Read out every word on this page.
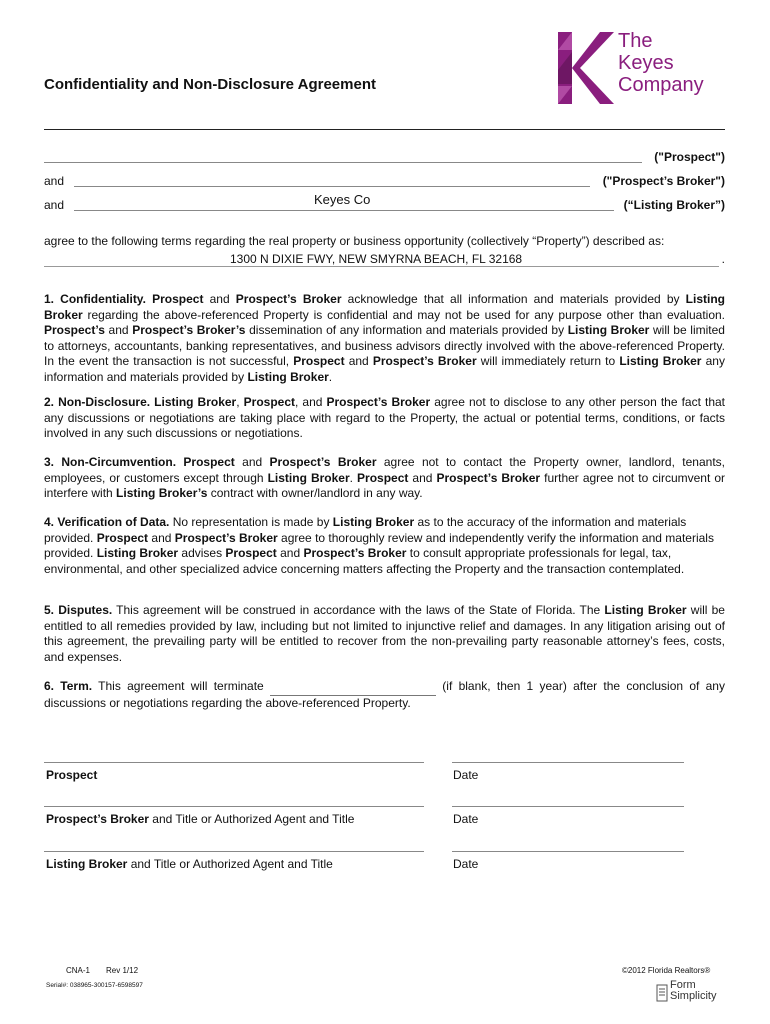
Confidentiality and Non-Disclosure Agreement
The
Keyes
Company
("Prospect")
and	("Prospect’s Broker")
and	Keyes Co	(“Listing Broker”)
agree to the following terms regarding the real property or business opportunity (collectively “Property”) described as:
1300 N DIXIE FWY, NEW SMYRNA BEACH, FL 32168	.
1. Confidentiality. Prospect and Prospect’s Broker acknowledge that all information and materials provided by Listing Broker regarding the above-referenced Property is confidential and may not be used for any purpose other than evaluation. Prospect’s and Prospect’s Broker’s dissemination of any information and materials provided by Listing Broker will be limited to attorneys, accountants, banking representatives, and business advisors directly involved with the above-referenced Property. In the event the transaction is not successful, Prospect and Prospect’s Broker will immediately return to Listing Broker any information and materials provided by Listing Broker.
2. Non-Disclosure. Listing Broker, Prospect, and Prospect’s Broker agree not to disclose to any other person the fact that any discussions or negotiations are taking place with regard to the Property, the actual or potential terms, conditions, or facts involved in any such discussions or negotiations.
3. Non-Circumvention. Prospect and Prospect’s Broker agree not to contact the Property owner, landlord, tenants, employees, or customers except through Listing Broker. Prospect and Prospect’s Broker further agree not to circumvent or interfere with Listing Broker’s contract with owner/landlord in any way.
4. Verification of Data. No representation is made by Listing Broker as to the accuracy of the information and materials provided. Prospect and Prospect’s Broker agree to thoroughly review and independently verify the information and materials provided. Listing Broker advises Prospect and Prospect’s Broker to consult appropriate professionals for legal, tax, environmental, and other specialized advice concerning matters affecting the Property and the transaction contemplated.
5. Disputes. This agreement will be construed in accordance with the laws of the State of Florida. The Listing Broker will be entitled to all remedies provided by law, including but not limited to injunctive relief and damages. In any litigation arising out of this agreement, the prevailing party will be entitled to recover from the non-prevailing party reasonable attorney’s fees, costs, and expenses.
6. Term. This agreement will terminate	(if blank, then 1 year) after the conclusion of any discussions or negotiations regarding the above-referenced Property.
Prospect	Date
Prospect’s Broker and Title or Authorized Agent and Title	Date
Listing Broker and Title or Authorized Agent and Title	Date
CNA-1 Rev 1/12
Serial#: 038965-300157-6598597
©2012 Florida Realtors®
Form
Simplicity
